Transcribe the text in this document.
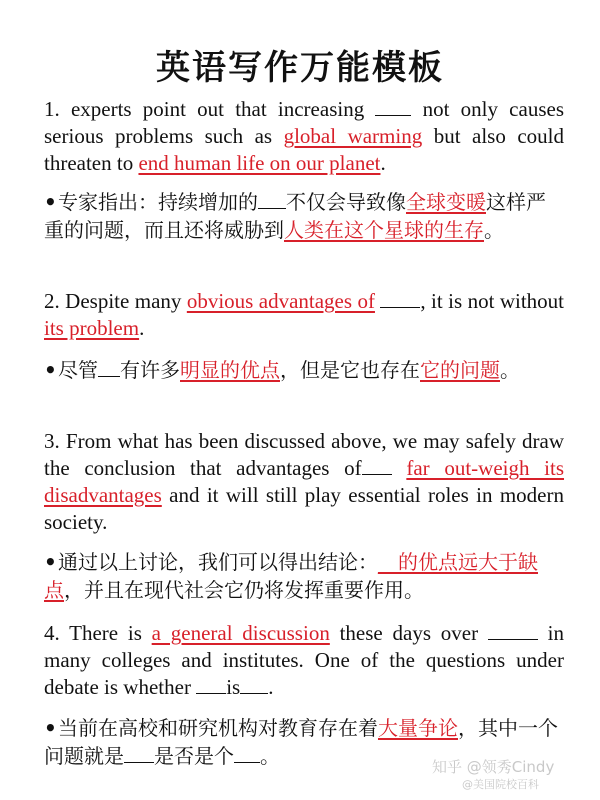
英语写作万能模板
1. experts point out that increasing  not only causes serious problems such as global warming but also could threaten to end human life on our planet.
•专家指出：持续增加的 不仅会导致像全球变暖这样严重的问题，而且还将威胁到人类在这个星球的生存。
2. Despite many obvious advantages of , it is not without its problem.
•尽管 有许多明显的优点，但是它也存在它的问题。
3. From what has been discussed above, we may safely draw the conclusion that advantages of far out-weigh its disadvantages and it will still play essential roles in modern society.
•通过以上讨论，我们可以得出结论：__的优点远大于缺点，并且在现代社会它仍将发挥重要作用。
4. There is a general discussion these days over  in many colleges and institutes. One of the questions under debate is whether is .
•当前在高校和研究机构对教育存在着大量争论，其中一个问题就是 是否是个 。	知乎 @领秀Cindy
@美国院校百科
